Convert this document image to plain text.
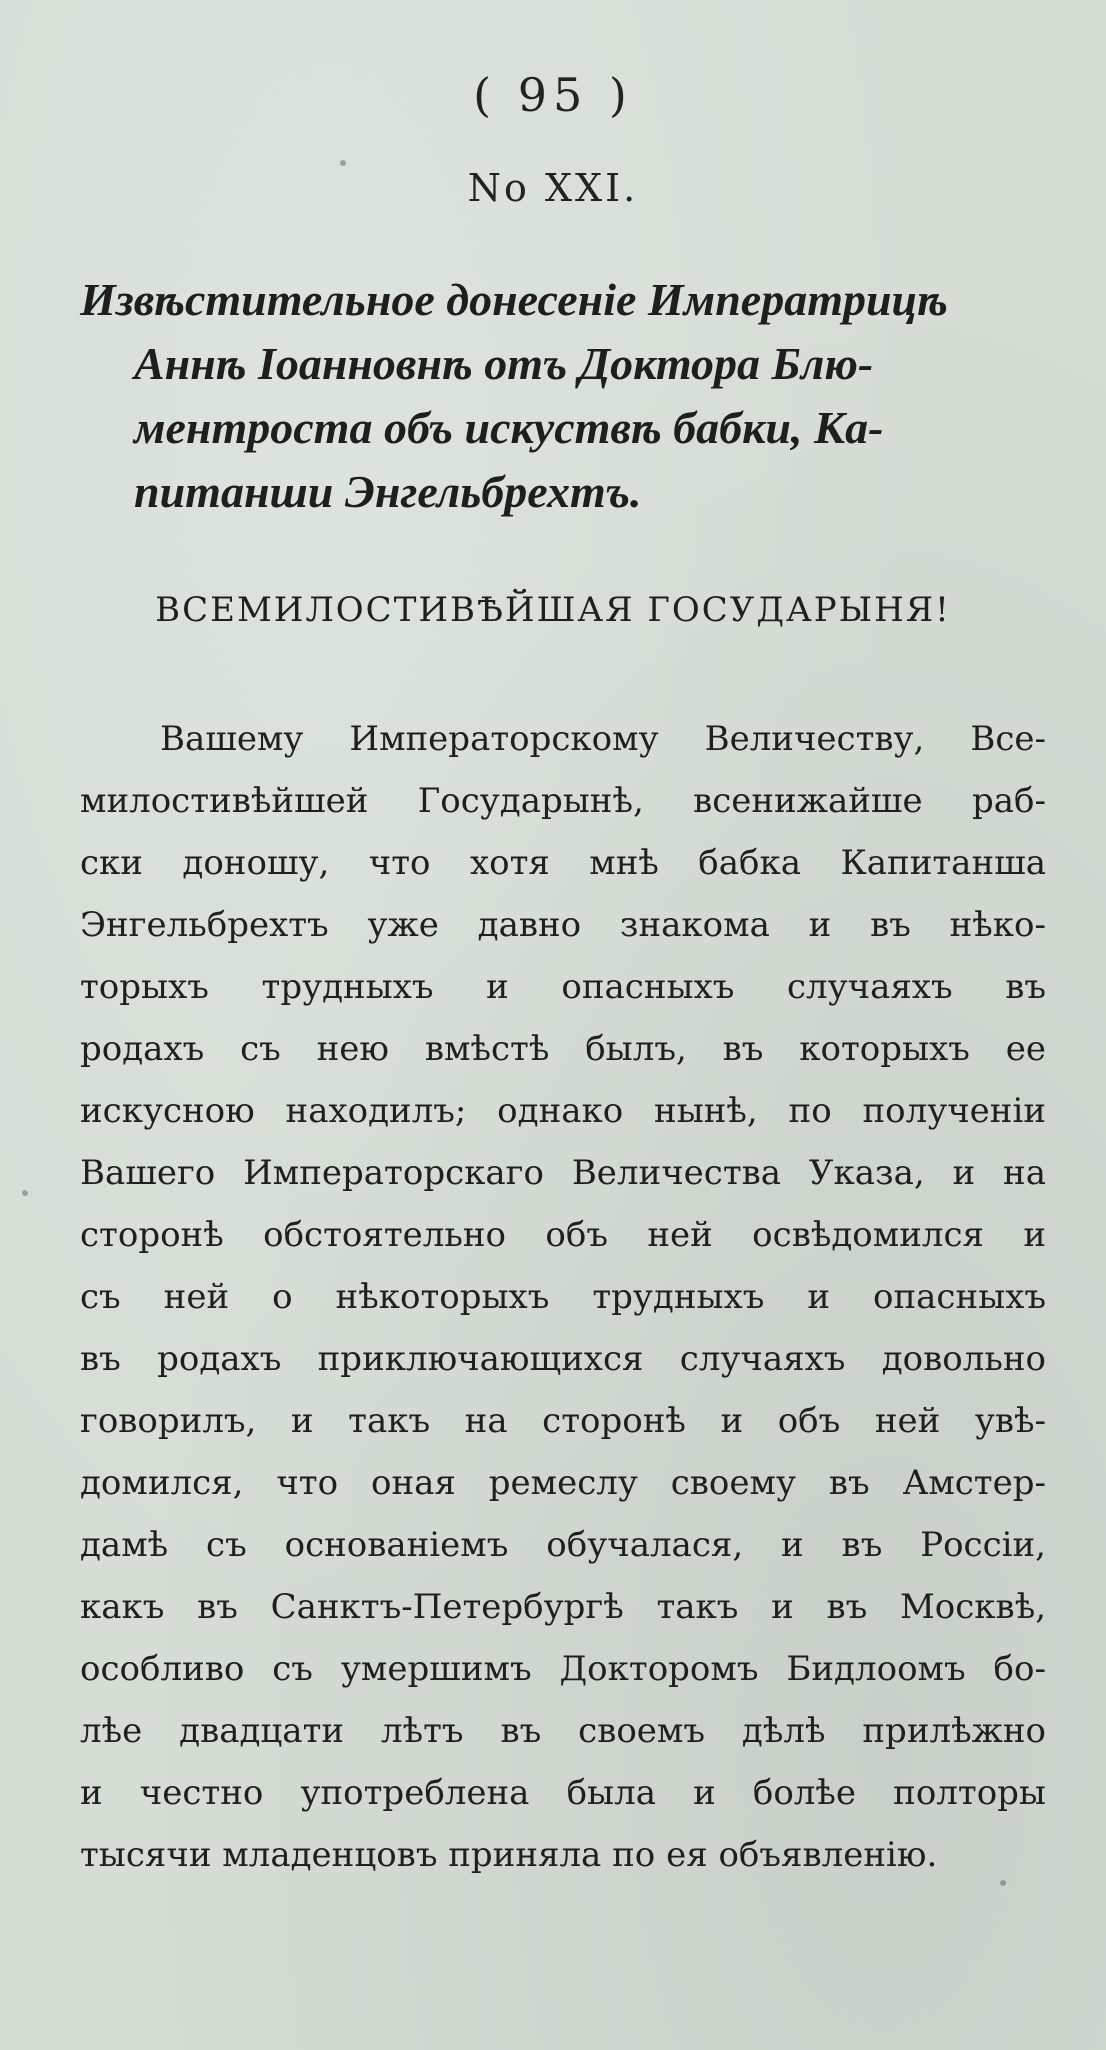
( 95 )
No XXI.
Извѣстительное донесеніе Императрицѣ
Аннѣ Іоанновнѣ отъ Доктора Блю-
ментроста объ искуствѣ бабки, Ка-
питанши Энгельбрехтъ.
ВСЕМИЛОСТИВѢЙШАЯ ГОСУДАРЫНЯ!
Вашему Императорскому Величеству, Все-
милостивѣйшей Государынѣ, всенижайше раб-
ски доношу, что хотя мнѣ бабка Капитанша
Энгельбрехтъ уже давно знакома и въ нѣко-
торыхъ трудныхъ и опасныхъ случаяхъ въ
родахъ съ нею вмѣстѣ былъ, въ которыхъ ее
искусною находилъ; однако нынѣ, по полученіи
Вашего Императорскаго Величества Указа, и на
сторонѣ обстоятельно объ ней освѣдомился и
съ ней о нѣкоторыхъ трудныхъ и опасныхъ
въ родахъ приключающихся случаяхъ довольно
говорилъ, и такъ на сторонѣ и объ ней увѣ-
домился, что оная ремеслу своему въ Амстер-
дамѣ съ основаніемъ обучалася, и въ Россіи,
какъ въ Санктъ-Петербургѣ такъ и въ Москвѣ,
особливо съ умершимъ Докторомъ Бидлоомъ бо-
лѣе двадцати лѣтъ въ своемъ дѣлѣ прилѣжно
и честно употреблена была и болѣе полторы
тысячи младенцовъ приняла по ея объявленію.
